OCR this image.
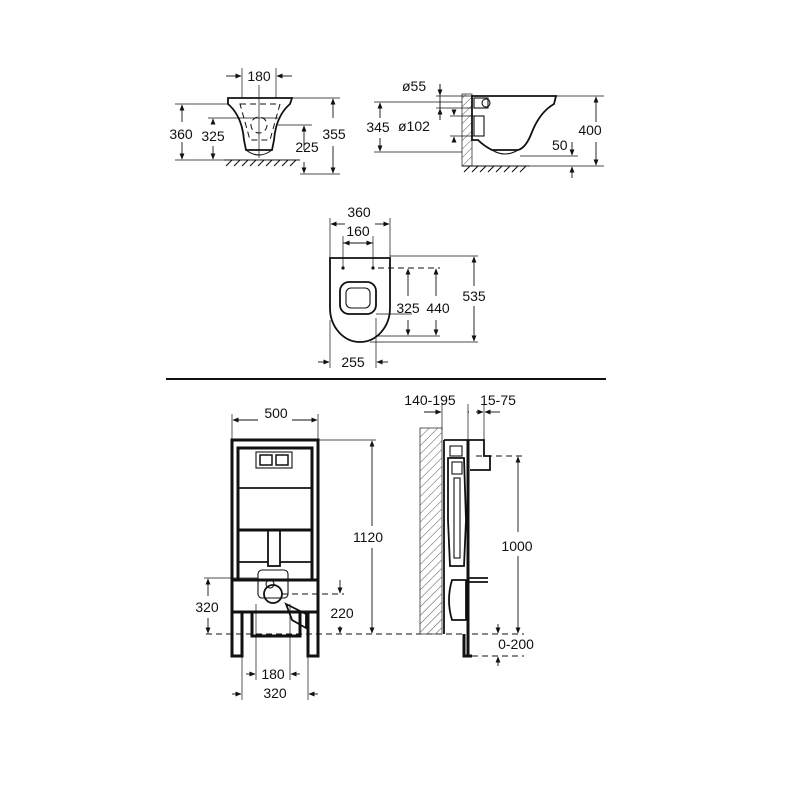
180
360 325	355
225
ø55
ø102
345	400
50
360
160
325 440
535
255
500
1120
320	220
180
320
140-195 15-75
1000
0-200
